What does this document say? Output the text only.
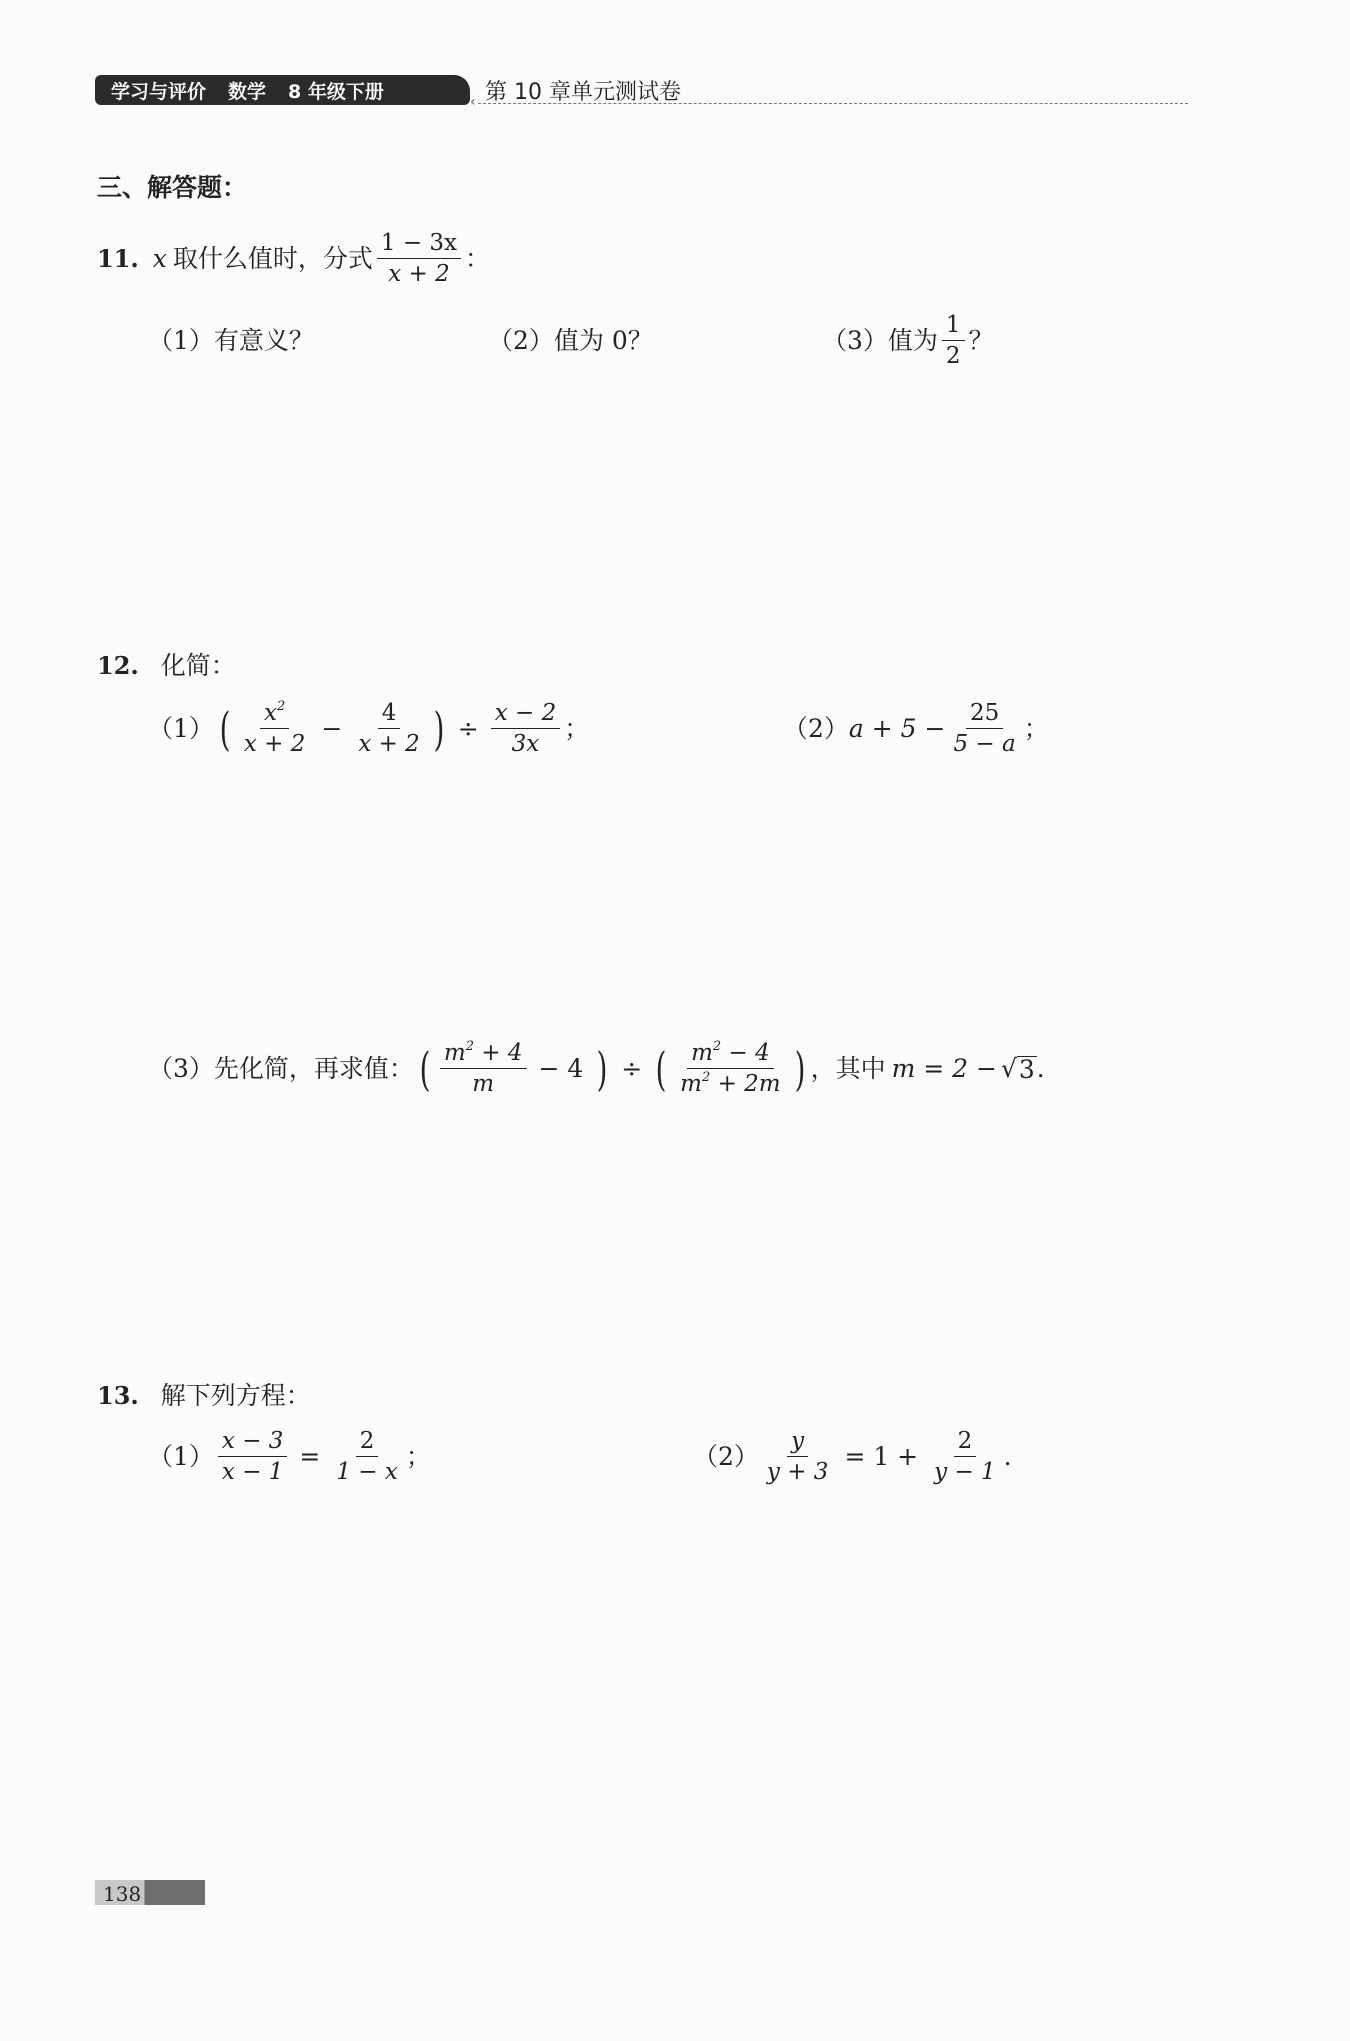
学习与评价 数学 8 年级下册	第 10 章单元测试卷
‹
三、解答题：
11. x 取什么值时，分式 $\frac{1 - 3x}{x + 2}$ ：
（1）有意义？	（2）值为 0？	（3） 值为 $\frac{1}{2}$ ？
12. 化简：
（1） ( $\frac{x^2}{x + 2} - \frac{4}{x + 2}$ ) ÷ $\frac{x - 2}{3x}$ ；	（2） $a + 5 - \frac{25}{5 - a}$ ；
（3） 先化简，再求值： ( $\frac{m^2 + 4}{m} - 4$ ) ÷ ( $\frac{m^2 - 4}{m^2 + 2m}$ ) ，其中 m = 2 − √ 3 .
13. 解下列方程：
$(1) \frac{x - 3}{x - 1} = \frac{2}{1 - x}$ ；	$(2) \frac{y}{y + 3} = 1 + \frac{2}{y - 1}$ .
138
